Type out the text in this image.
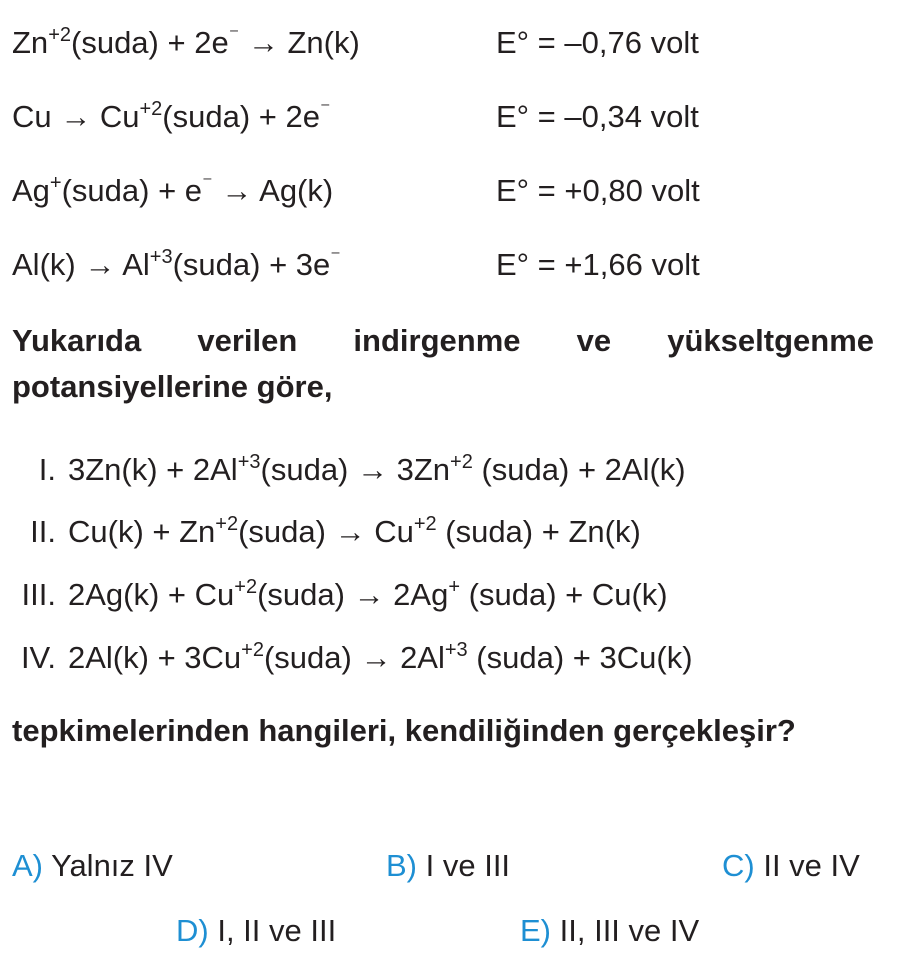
$Zn^{+2}(suda) + 2e^{^-} \to Zn(k)$	E° = –0,76 volt
$Cu \to Cu^{+2}(suda) + 2e^{^-}$	E° = –0,34 volt
Ag+(suda) + e⁻ → Ag(k)	E° = +0,80 volt
$Al(k) \to Al^{+3}(suda) + 3e^{^-}$	E° = +1,66 volt
Yukarıda verilen indirgenme ve yükseltgenme potansiyellerine göre,
I. $3Zn(k) + 2Al^{+3}(suda) \to 3Zn^{+2}$ (suda) + 2Al(k)
II. $Cu(k) + Zn^{+2}(suda) \to Cu^{+2}$ (suda) + Zn(k)
III. $2Ag(k) + Cu^{+2}(suda) \to 2Ag^+$ (suda) + Cu(k)
IV. $2Al(k) + 3Cu^{+2}(suda) \to 2Al^{+3}$ (suda) + 3Cu(k)
tepkimelerinden hangileri, kendiliğinden gerçekleşir?
A) Yalnız IV	B) I ve III	C) II ve IV
D) I, II ve III	E) II, III ve IV
